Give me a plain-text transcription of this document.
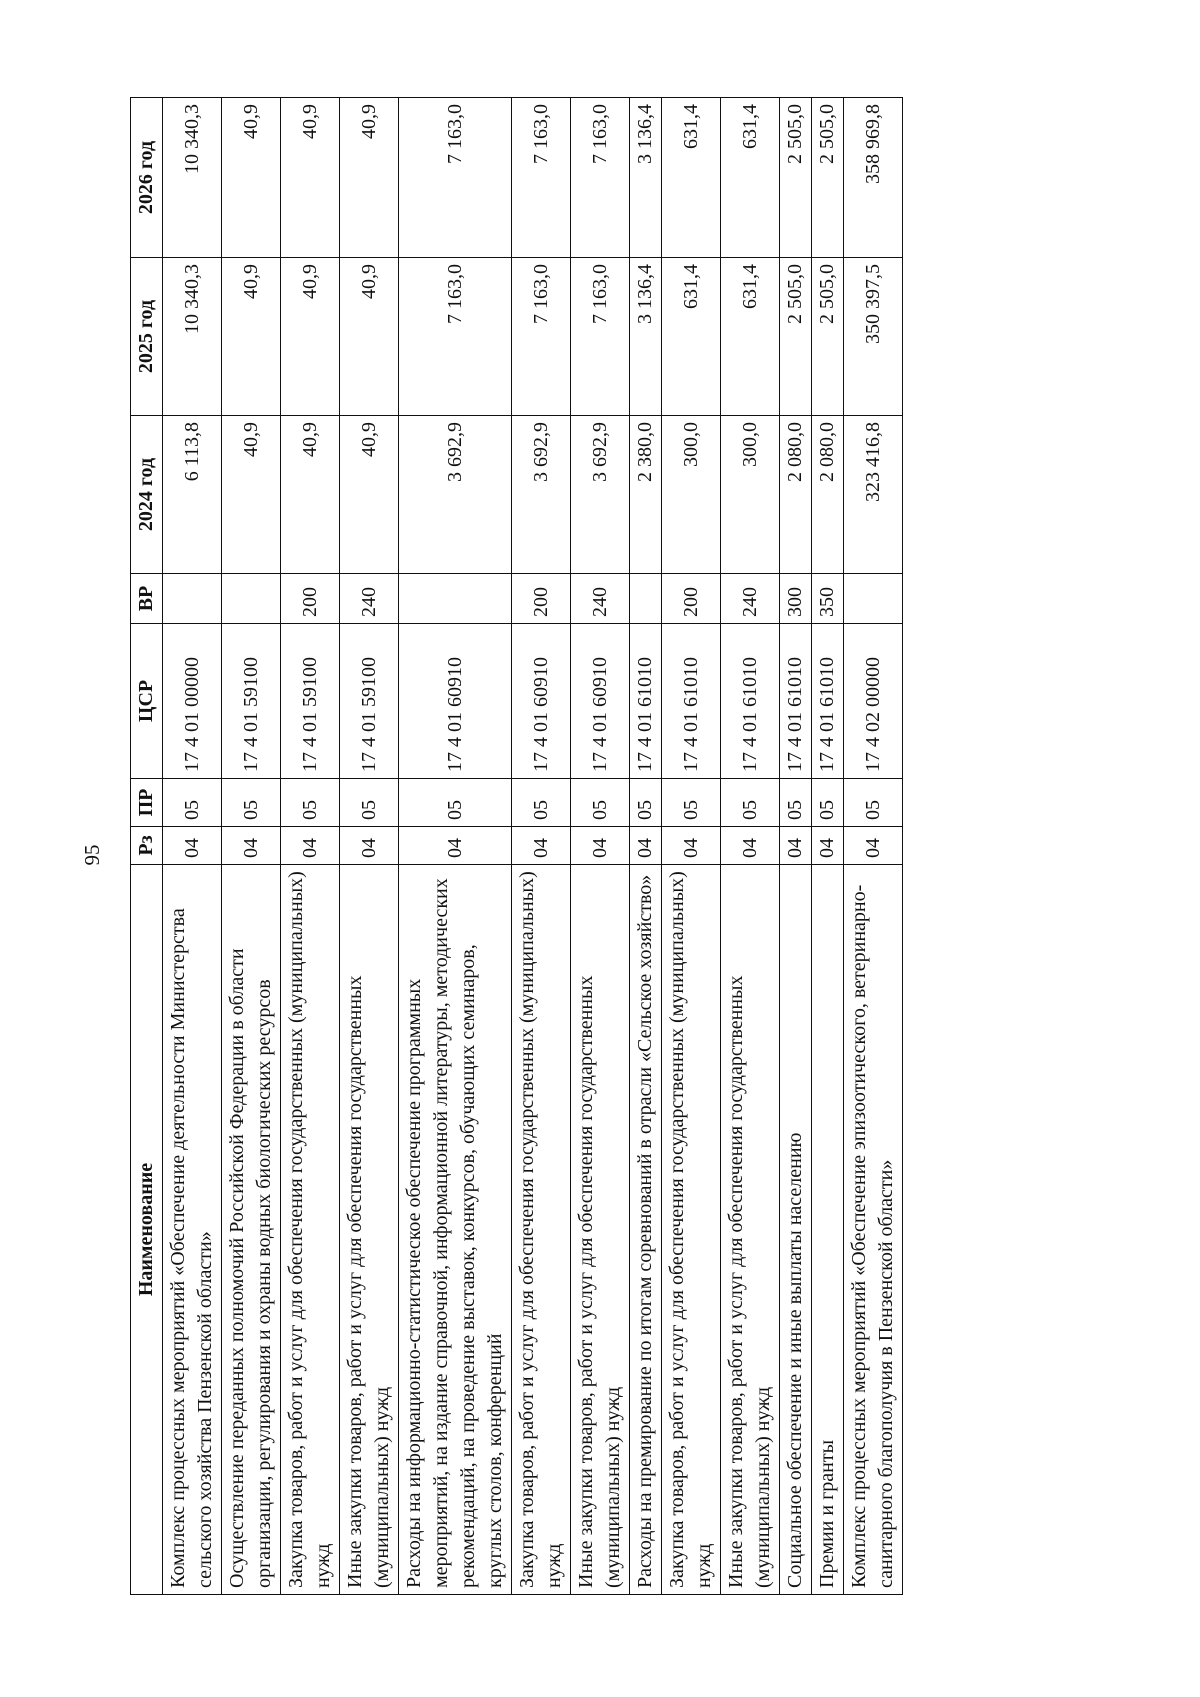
95
Наименование	Рз	ПР	ЦСР	ВР	2024 год	2025 год	2026 год
Комплекс процессных мероприятий «Обеспечение деятельности Министерства сельского хозяйства Пензенской области»	04	05	17 4 01 00000		6 113,8	10 340,3	10 340,3
Осуществление переданных полномочий Российской Федерации в области организации, регулирования и охраны водных биологических ресурсов	04	05	17 4 01 59100		40,9	40,9	40,9
Закупка товаров, работ и услуг для обеспечения государственных (муниципальных) нужд	04	05	17 4 01 59100	200	40,9	40,9	40,9
Иные закупки товаров, работ и услуг для обеспечения государственных (муниципальных) нужд	04	05	17 4 01 59100	240	40,9	40,9	40,9
Расходы на информационно-статистическое обеспечение программных мероприятий, на издание справочной, информационной литературы, методических рекомендаций, на проведение выставок, конкурсов, обучающих семинаров, круглых столов, конференций	04	05	17 4 01 60910		3 692,9	7 163,0	7 163,0
Закупка товаров, работ и услуг для обеспечения государственных (муниципальных) нужд	04	05	17 4 01 60910	200	3 692,9	7 163,0	7 163,0
Иные закупки товаров, работ и услуг для обеспечения государственных (муниципальных) нужд	04	05	17 4 01 60910	240	3 692,9	7 163,0	7 163,0
Расходы на премирование по итогам соревнований в отрасли «Сельское хозяйство»	04	05	17 4 01 61010		2 380,0	3 136,4	3 136,4
Закупка товаров, работ и услуг для обеспечения государственных (муниципальных) нужд	04	05	17 4 01 61010	200	300,0	631,4	631,4
Иные закупки товаров, работ и услуг для обеспечения государственных (муниципальных) нужд	04	05	17 4 01 61010	240	300,0	631,4	631,4
Социальное обеспечение и иные выплаты населению	04	05	17 4 01 61010	300	2 080,0	2 505,0	2 505,0
Премии и гранты	04	05	17 4 01 61010	350	2 080,0	2 505,0	2 505,0
Комплекс процессных мероприятий «Обеспечение эпизоотического, ветеринарно-санитарного благополучия в Пензенской области»	04	05	17 4 02 00000		323 416,8	350 397,5	358 969,8
